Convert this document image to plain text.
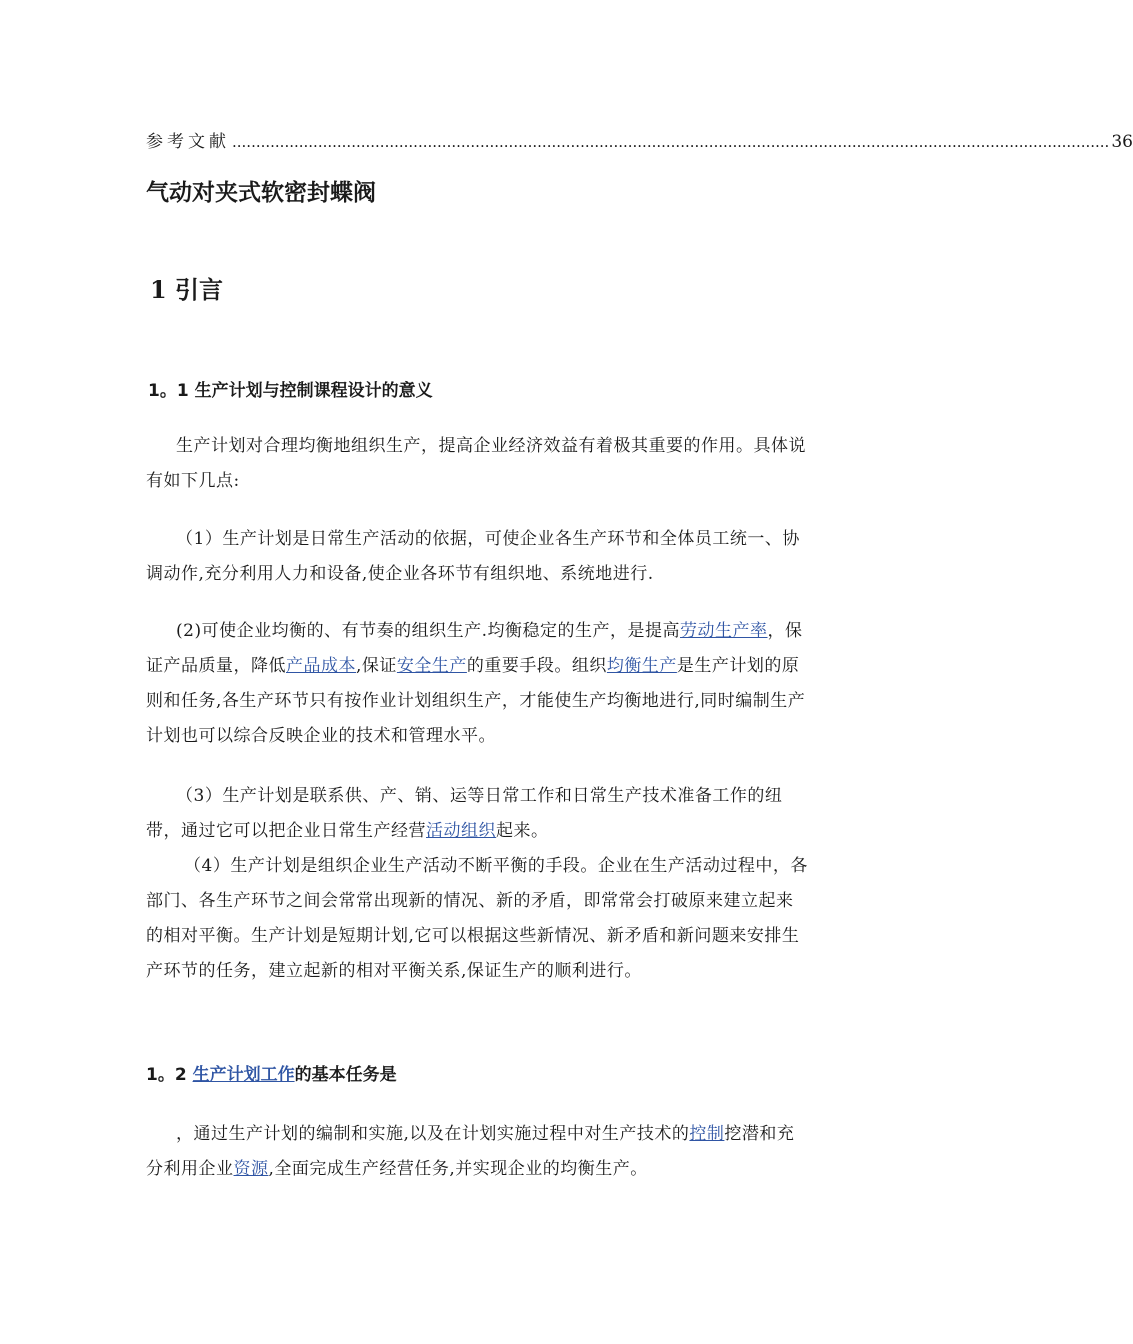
参考文献 ........................................................................................................................................................................................ 36
气动对夹式软密封蝶阀
1 引言
1。1 生产计划与控制课程设计的意义
生产计划对合理均衡地组织生产，提高企业经济效益有着极其重要的作用。具体说有如下几点:
（1）生产计划是日常生产活动的依据，可使企业各生产环节和全体员工统一、协调动作,充分利用人力和设备,使企业各环节有组织地、系统地进行.
(2)可使企业均衡的、有节奏的组织生产.均衡稳定的生产，是提高劳动生产率，保证产品质量，降低产品成本,保证安全生产的重要手段。组织均衡生产是生产计划的原则和任务,各生产环节只有按作业计划组织生产，才能使生产均衡地进行,同时编制生产计划也可以综合反映企业的技术和管理水平。
（3）生产计划是联系供、产、销、运等日常工作和日常生产技术准备工作的纽带，通过它可以把企业日常生产经营活动组织起来。
（4）生产计划是组织企业生产活动不断平衡的手段。企业在生产活动过程中，各部门、各生产环节之间会常常出现新的情况、新的矛盾，即常常会打破原来建立起来的相对平衡。生产计划是短期计划,它可以根据这些新情况、新矛盾和新问题来安排生产环节的任务，建立起新的相对平衡关系,保证生产的顺利进行。
1。2 生产计划工作的基本任务是
，通过生产计划的编制和实施,以及在计划实施过程中对生产技术的控制挖潜和充分利用企业资源,全面完成生产经营任务,并实现企业的均衡生产。
